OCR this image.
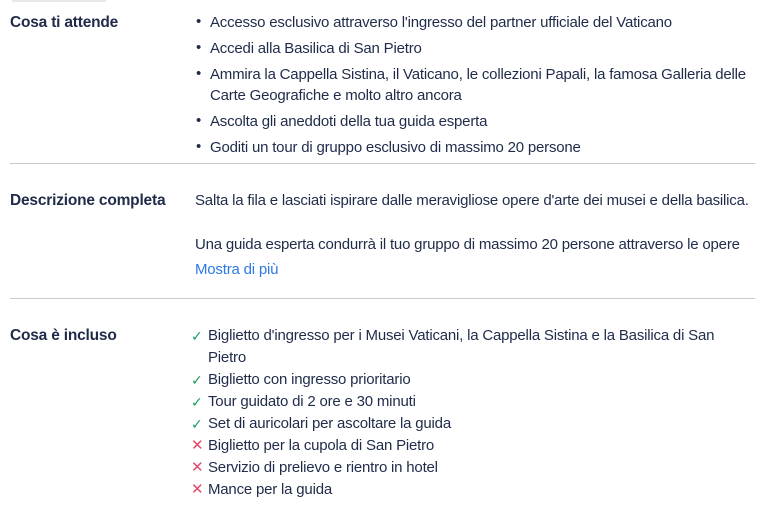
Cosa ti attende	• Accesso esclusivo attraverso l'ingresso del partner ufficiale del Vaticano
• Accedi alla Basilica di San Pietro
• Ammira la Cappella Sistina, il Vaticano, le collezioni Papali, la famosa Galleria delle Carte Geografiche e molto altro ancora
• Ascolta gli aneddoti della tua guida esperta
• Goditi un tour di gruppo esclusivo di massimo 20 persone
Descrizione completa	Salta la fila e lasciati ispirare dalle meravigliose opere d'arte dei musei e della basilica.

Una guida esperta condurrà il tuo gruppo di massimo 20 persone attraverso le opere

Mostra di più
Cosa è incluso	✓ Biglietto d'ingresso per i Musei Vaticani, la Cappella Sistina e la Basilica di San Pietro
✓ Biglietto con ingresso prioritario
✓ Tour guidato di 2 ore e 30 minuti
✓ Set di auricolari per ascoltare la guida
✕ Biglietto per la cupola di San Pietro
✕ Servizio di prelievo e rientro in hotel
✕ Mance per la guida
